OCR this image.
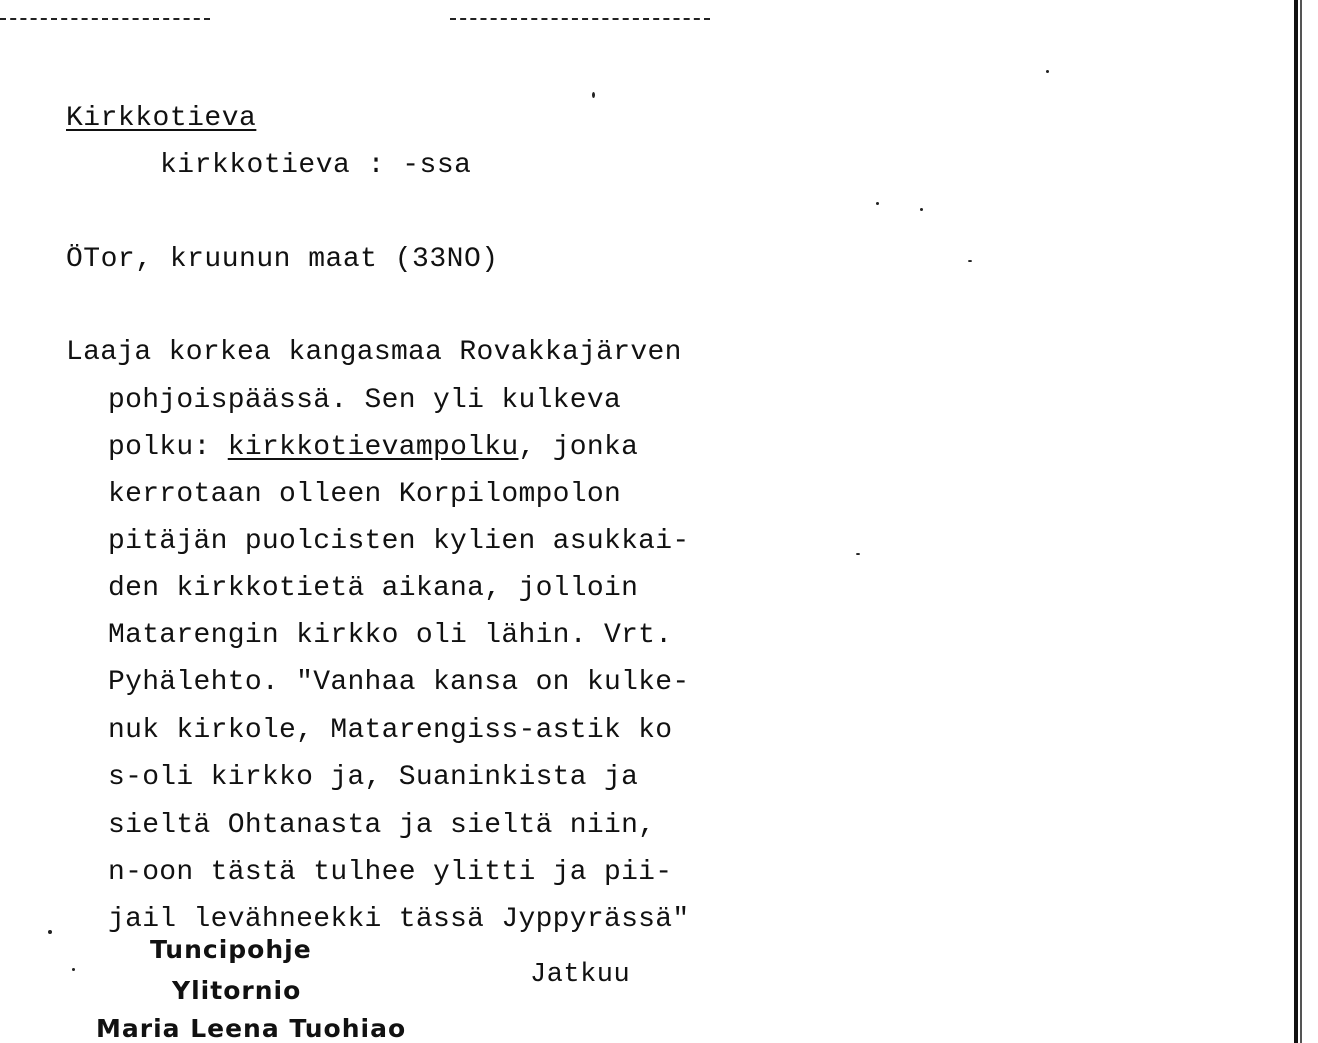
Kirkkotieva
kirkkotieva : -ssa
ÖTor, kruunun maat (33NO)
Laaja korkea kangasmaa Rovakkajärven
pohjoispäässä. Sen yli kulkeva
polku: kirkkotievampolku, jonka
kerrotaan olleen Korpilompolon
pitäjän puolcisten kylien asukkai-
den kirkkotietä aikana, jolloin
Matarengin kirkko oli lähin. Vrt.
Pyhälehto. "Vanhaa kansa on kulke-
nuk kirkole, Matarengiss-astik ko
s-oli kirkko ja, Suaninkista ja
sieltä Ohtanasta ja sieltä niin,
n-oon tästä tulhee ylitti ja pii-
jail levähneekki tässä Jyppyrässä"
Jatkuu
Tuncipohje
Ylitornio
Maria Leena Tuohiao
